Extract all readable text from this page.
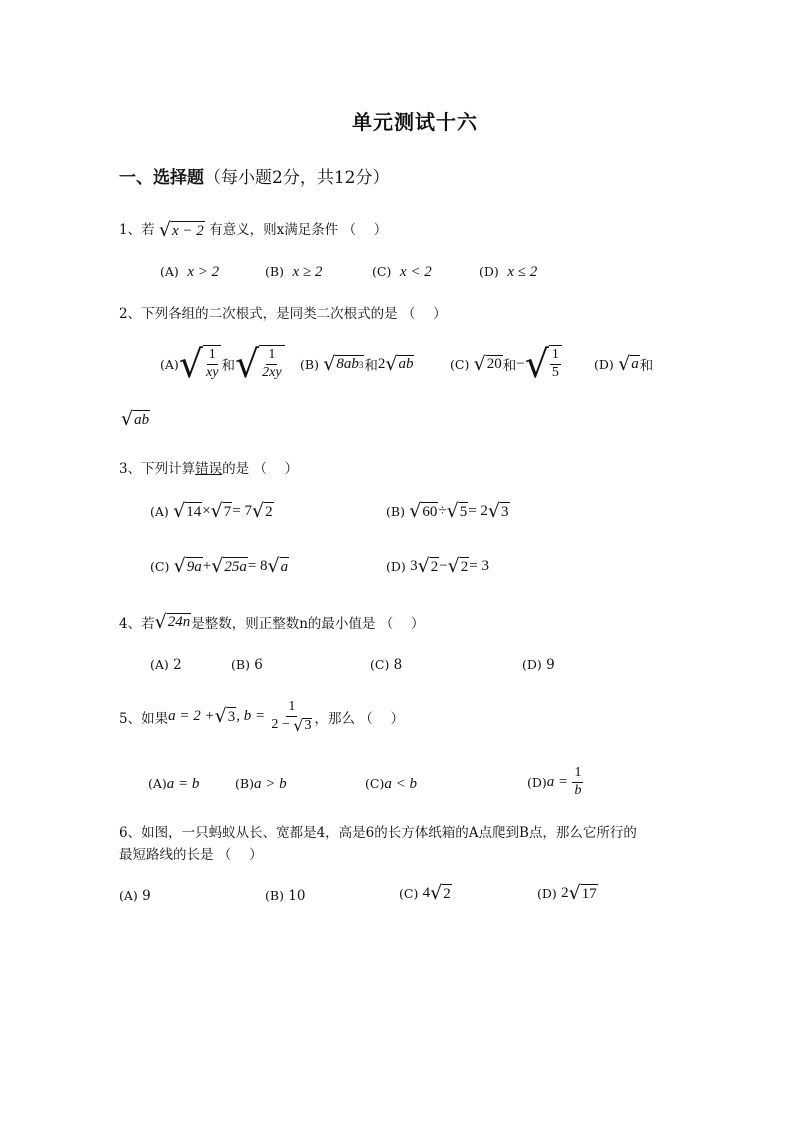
单元测试十六
一、选择题（每小题2分，共12分）
1、若 √ x − 2 有意义，则x满足条件 （　 ）
(A) x > 2	(B) x ≥ 2	(C) x < 2	(D) x ≤ 2
2、下列各组的二次根式，是同类二次根式的是 （　 ）
(A) √ $\frac{1}{xy}$ 和 √ $\frac{1}{2xy} (B)$
√ 8ab 3 和 2 √ ab	(C)
√ 20 和 − √ $\frac{1}{5}$	(D)
√ a 和
√ ab
3、下列计算错误的是 （　 ）
(A)
√ 14 × √ 7 = 7 √ 2	(B)
√ 60 ÷ √ 5 = 2 √ 3
(C)
√ 9a + √ 25a = 8 √ a	(D)
3 √ 2 − √ 2 = 3
4、若 √ 24n 是整数，则正整数n的最小值是 （　 ）
(A) 2	(B) 6	(C) 8	(D) 9
5、如果 a = 2 + √ 3 , b =
1
2 −
√ 3 ，那么 （　 ）
(A)a = b	(B)a > b	(C)a < b	(D) a =
$\frac{1}{b}$
6、如图，一只蚂蚁从长、宽都是4，高是6的长方体纸箱的A点爬到B点，那么它所行的
最短路线的长是 （　 ）
(A) 9	(B) 10	(C)
4 √ 2	(D)
2 √ 17
